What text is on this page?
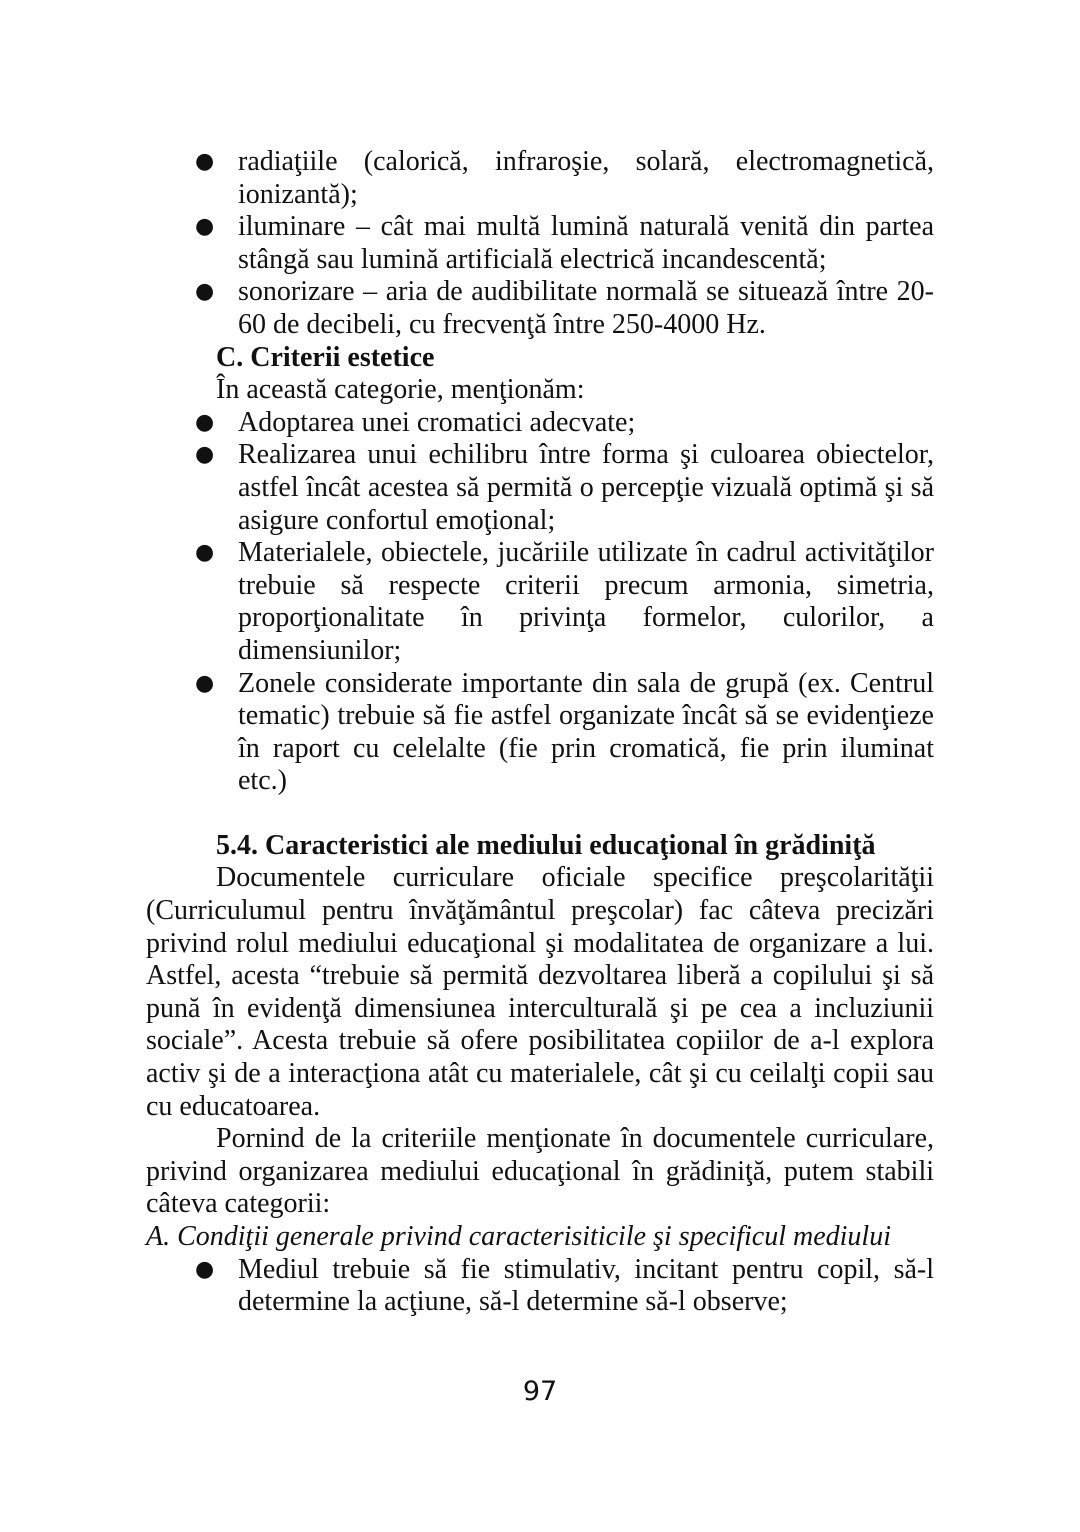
● radiaţiile (calorică, infraroşie, solară, electromagnetică, ionizantă);
● iluminare – cât mai multă lumină naturală venită din partea stângă sau lumină artificială electrică incandescentă;
● sonorizare – aria de audibilitate normală se situează între 20-60 de decibeli, cu frecvenţă între 250-4000 Hz.
C. Criterii estetice
În această categorie, menţionăm:
● Adoptarea unei cromatici adecvate;
● Realizarea unui echilibru între forma şi culoarea obiectelor, astfel încât acestea să permită o percepţie vizuală optimă şi să asigure confortul emoţional;
● Materialele, obiectele, jucăriile utilizate în cadrul activităţilor trebuie să respecte criterii precum armonia, simetria, proporţionalitate în privinţa formelor, culorilor, a dimensiunilor;
● Zonele considerate importante din sala de grupă (ex. Centrul tematic) trebuie să fie astfel organizate încât să se evidenţieze în raport cu celelalte (fie prin cromatică, fie prin iluminat etc.)
5.4. Caracteristici ale mediului educaţional în grădiniţă

Documentele curriculare oficiale specifice preşcolarităţii (Curriculumul pentru învăţământul preşcolar) fac câteva precizări privind rolul mediului educaţional şi modalitatea de organizare a lui. Astfel, acesta “trebuie să permită dezvoltarea liberă a copilului şi să pună în evidenţă dimensiunea interculturală şi pe cea a incluziunii sociale”. Acesta trebuie să ofere posibilitatea copiilor de a-l explora activ şi de a interacţiona atât cu materialele, cât şi cu ceilalţi copii sau cu educatoarea.

Pornind de la criteriile menţionate în documentele curriculare, privind organizarea mediului educaţional în grădiniţă, putem stabili câteva categorii:

A. Condiţii generale privind caracterisiticile şi specificul mediului
● Mediul trebuie să fie stimulativ, incitant pentru copil, să-l determine la acţiune, să-l determine să-l observe;
97
